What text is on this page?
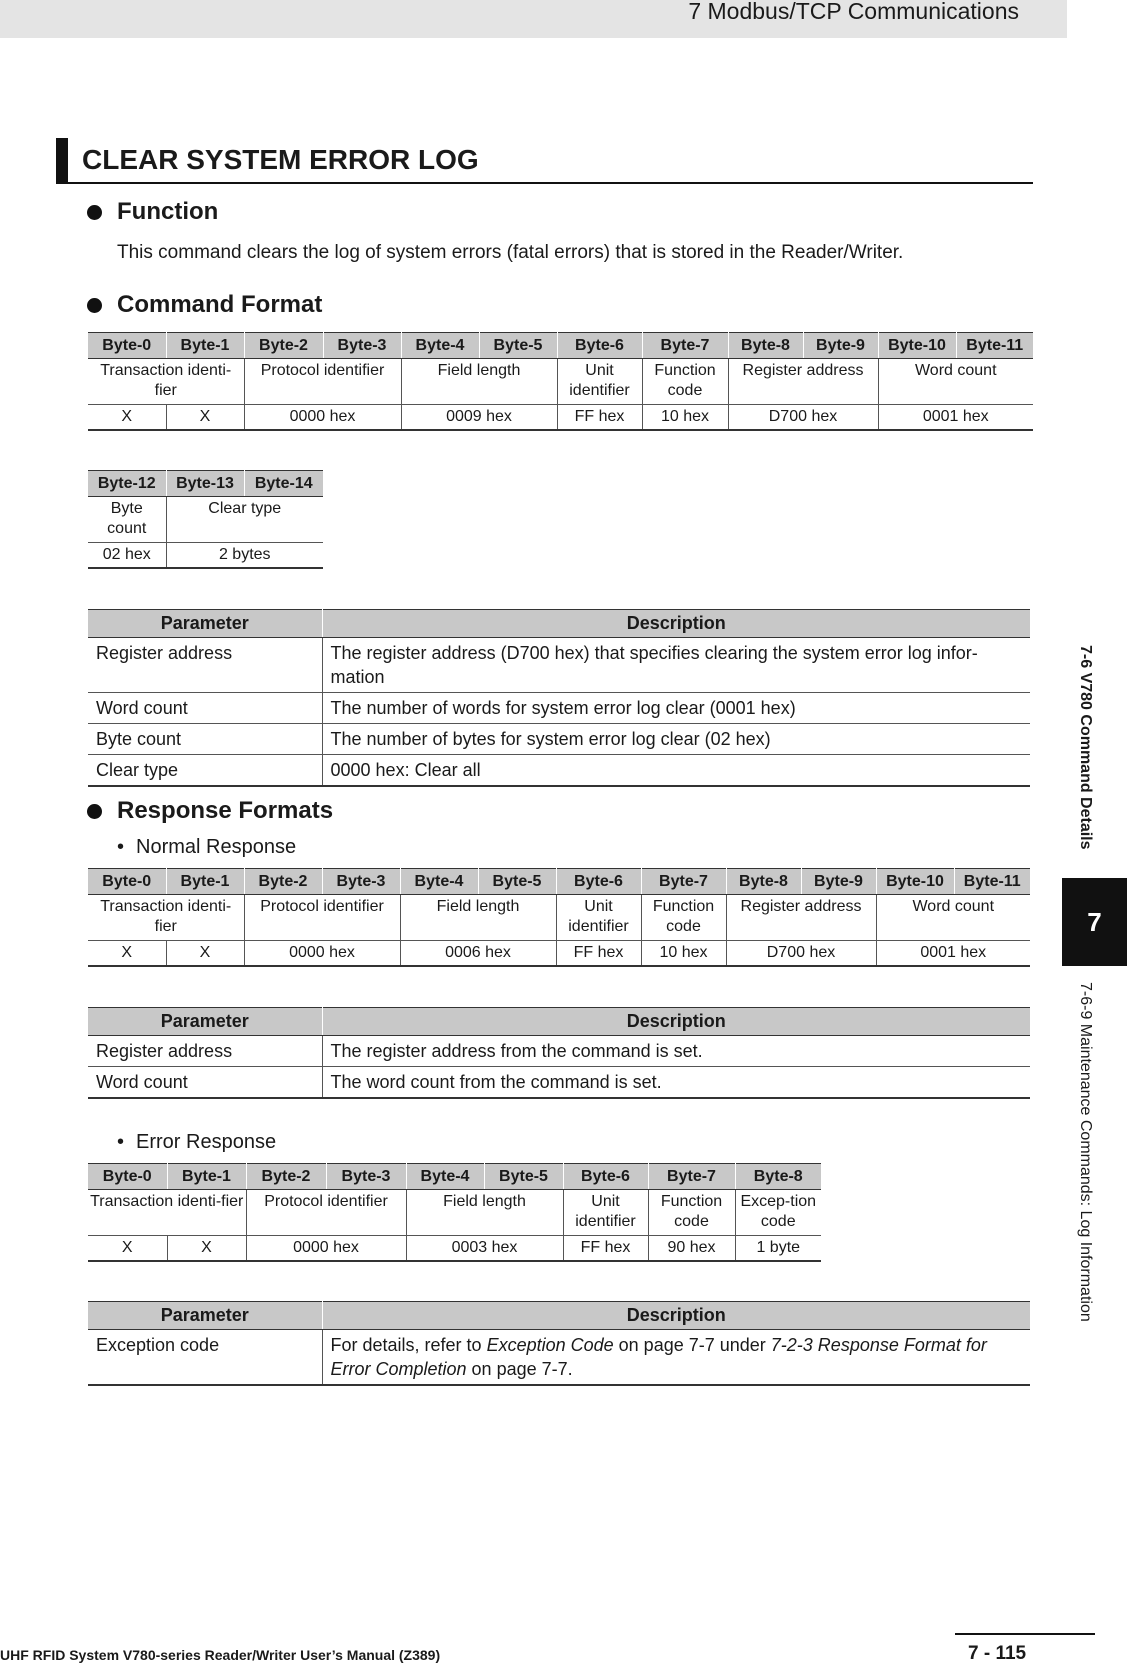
7 Modbus/TCP Communications
CLEAR SYSTEM ERROR LOG
Function
This command clears the log of system errors (fatal errors) that is stored in the Reader/Writer.
Command Format
Byte-0	Byte-1	Byte-2	Byte-3	Byte-4	Byte-5	Byte-6	Byte-7	Byte-8	Byte-9	Byte-10	Byte-11
Transaction identi-fier		Protocol identifier		Field length		Unit identifier	Function code	Register address		Word count	
X	X	0000 hex		0009 hex		FF hex	10 hex	D700 hex		0001 hex	
Byte-12	Byte-13	Byte-14
Byte count	Clear type	
02 hex	2 bytes	
Parameter	Description
Register address	The register address (D700 hex) that specifies clearing the system error log infor-mation
Word count	The number of words for system error log clear (0001 hex)
Byte count	The number of bytes for system error log clear (02 hex)
Clear type	0000 hex: Clear all
Response Formats
• Normal Response
Byte-0	Byte-1	Byte-2	Byte-3	Byte-4	Byte-5	Byte-6	Byte-7	Byte-8	Byte-9	Byte-10	Byte-11
Transaction identi-fier		Protocol identifier		Field length		Unit identifier	Function code	Register address		Word count	
X	X	0000 hex		0006 hex		FF hex	10 hex	D700 hex		0001 hex	
Parameter	Description
Register address	The register address from the command is set.
Word count	The word count from the command is set.
• Error Response
Byte-0	Byte-1	Byte-2	Byte-3	Byte-4	Byte-5	Byte-6	Byte-7	Byte-8
Transaction identi-fier		Protocol identifier		Field length		Unit identifier	Function code	Excep-tion code
X	X	0000 hex		0003 hex		FF hex	90 hex	1 byte
Parameter	Description
Exception code	For details, refer to Exception Code on page 7-7 under 7-2-3 Response Format for Error Completion on page 7-7.
7-6 V780 Command Details
7
7-6-9 Maintenance Commands: Log Information
UHF RFID System V780-series Reader/Writer User’s Manual (Z389)	7 - 115
